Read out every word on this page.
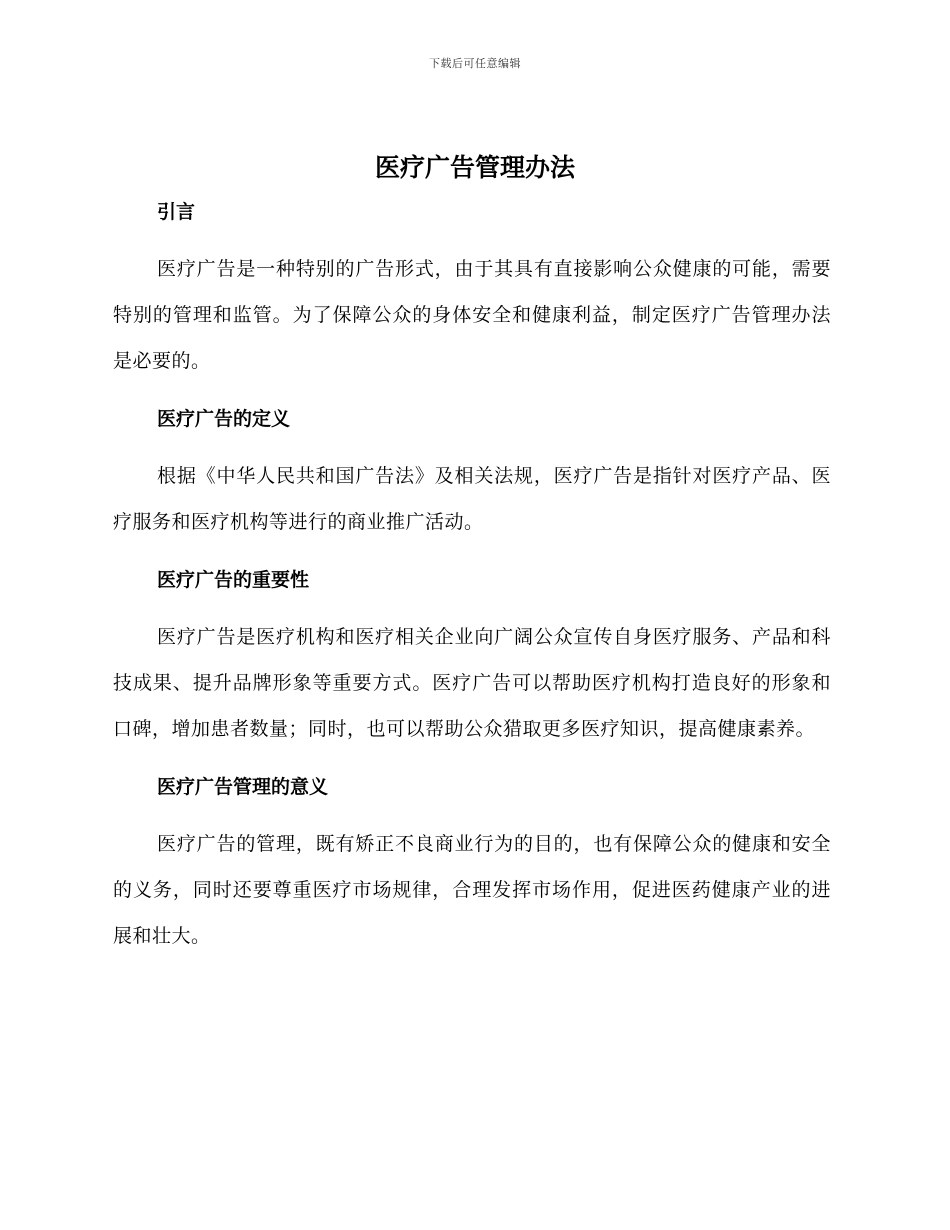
下载后可任意编辑
医疗广告管理办法
引言

医疗广告是一种特别的广告形式，由于其具有直接影响公众健康的可能，需要特别的管理和监管。为了保障公众的身体安全和健康利益，制定医疗广告管理办法是必要的。

医疗广告的定义

根据《中华人民共和国广告法》及相关法规，医疗广告是指针对医疗产品、医疗服务和医疗机构等进行的商业推广活动。

医疗广告的重要性

医疗广告是医疗机构和医疗相关企业向广阔公众宣传自身医疗服务、产品和科技成果、提升品牌形象等重要方式。医疗广告可以帮助医疗机构打造良好的形象和口碑，增加患者数量；同时，也可以帮助公众猎取更多医疗知识，提高健康素养。

医疗广告管理的意义

医疗广告的管理，既有矫正不良商业行为的目的，也有保障公众的健康和安全的义务，同时还要尊重医疗市场规律，合理发挥市场作用，促进医药健康产业的进展和壮大。
